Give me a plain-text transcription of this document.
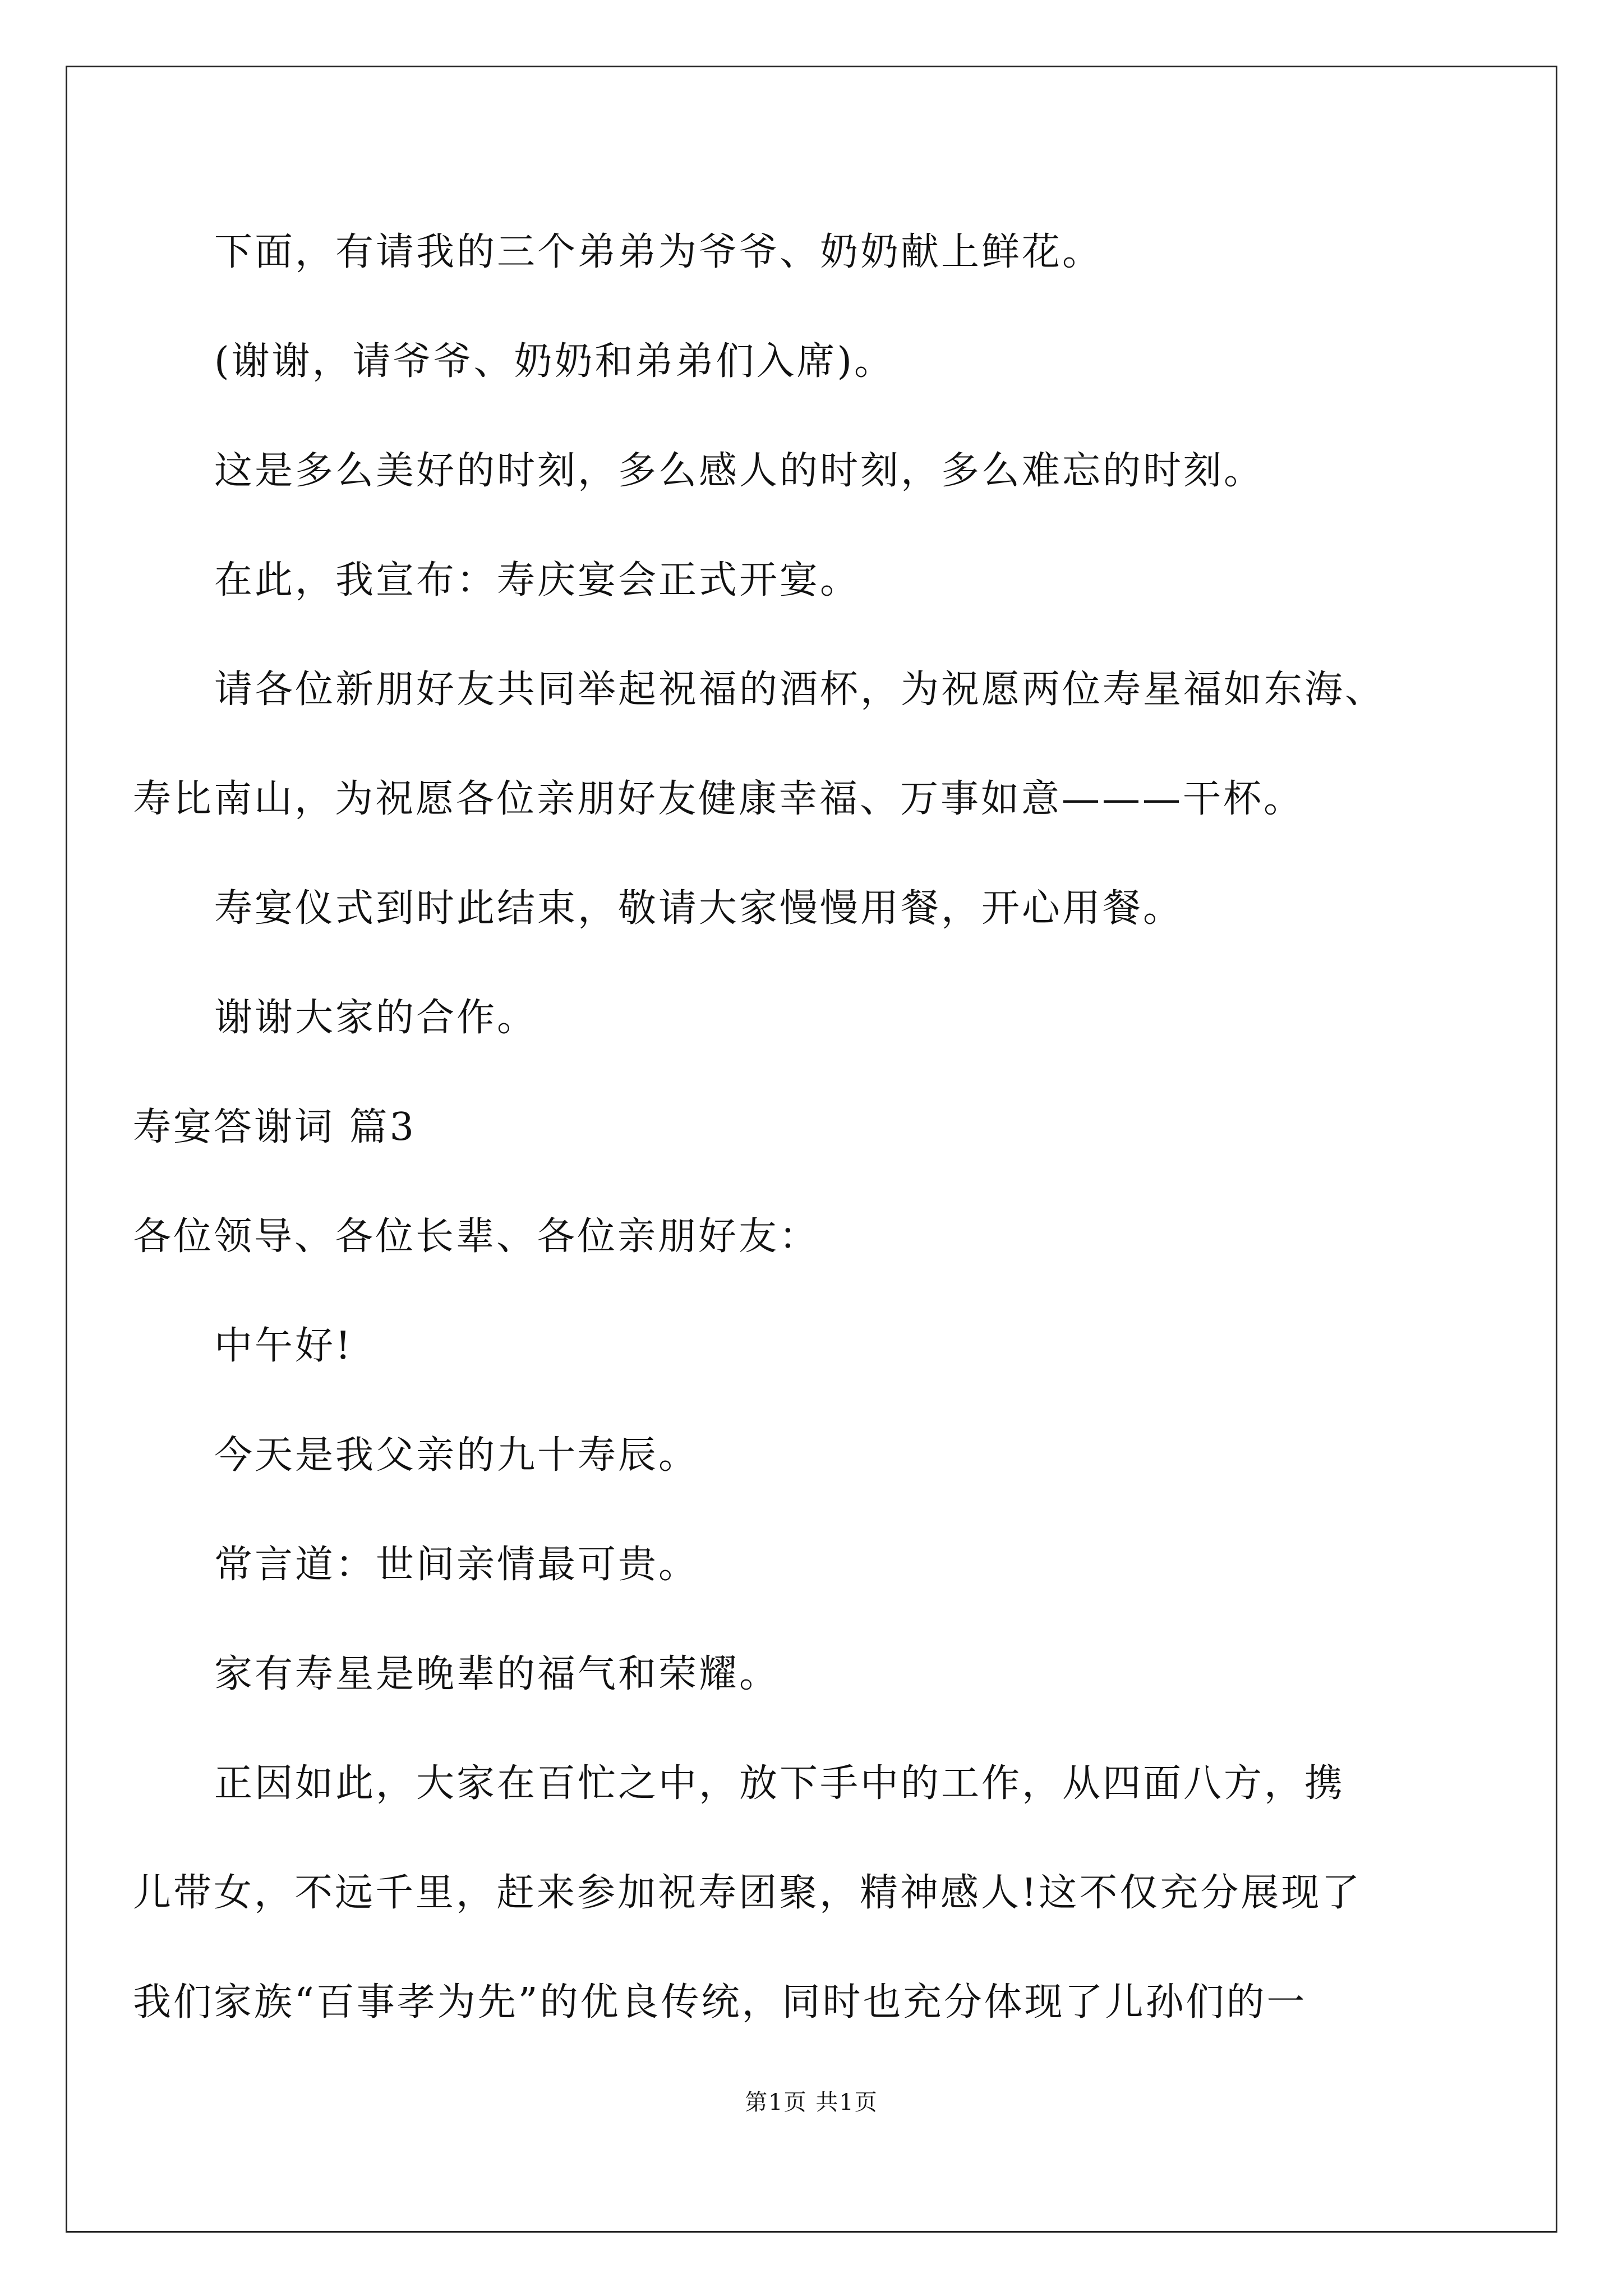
下面，有请我的三个弟弟为爷爷、奶奶献上鲜花。
(谢谢，请爷爷、奶奶和弟弟们入席)。
这是多么美好的时刻，多么感人的时刻，多么难忘的时刻。
在此，我宣布：寿庆宴会正式开宴。
请各位新朋好友共同举起祝福的酒杯，为祝愿两位寿星福如东海、
寿比南山，为祝愿各位亲朋好友健康幸福、万事如意———干杯。
寿宴仪式到时此结束，敬请大家慢慢用餐，开心用餐。
谢谢大家的合作。
寿宴答谢词 篇3
各位领导、各位长辈、各位亲朋好友：
中午好!
今天是我父亲的九十寿辰。
常言道：世间亲情最可贵。
家有寿星是晚辈的福气和荣耀。
正因如此，大家在百忙之中，放下手中的工作，从四面八方，携
儿带女，不远千里，赶来参加祝寿团聚，精神感人!这不仅充分展现了
我们家族“百事孝为先”的优良传统，同时也充分体现了儿孙们的一
第1页 共1页
